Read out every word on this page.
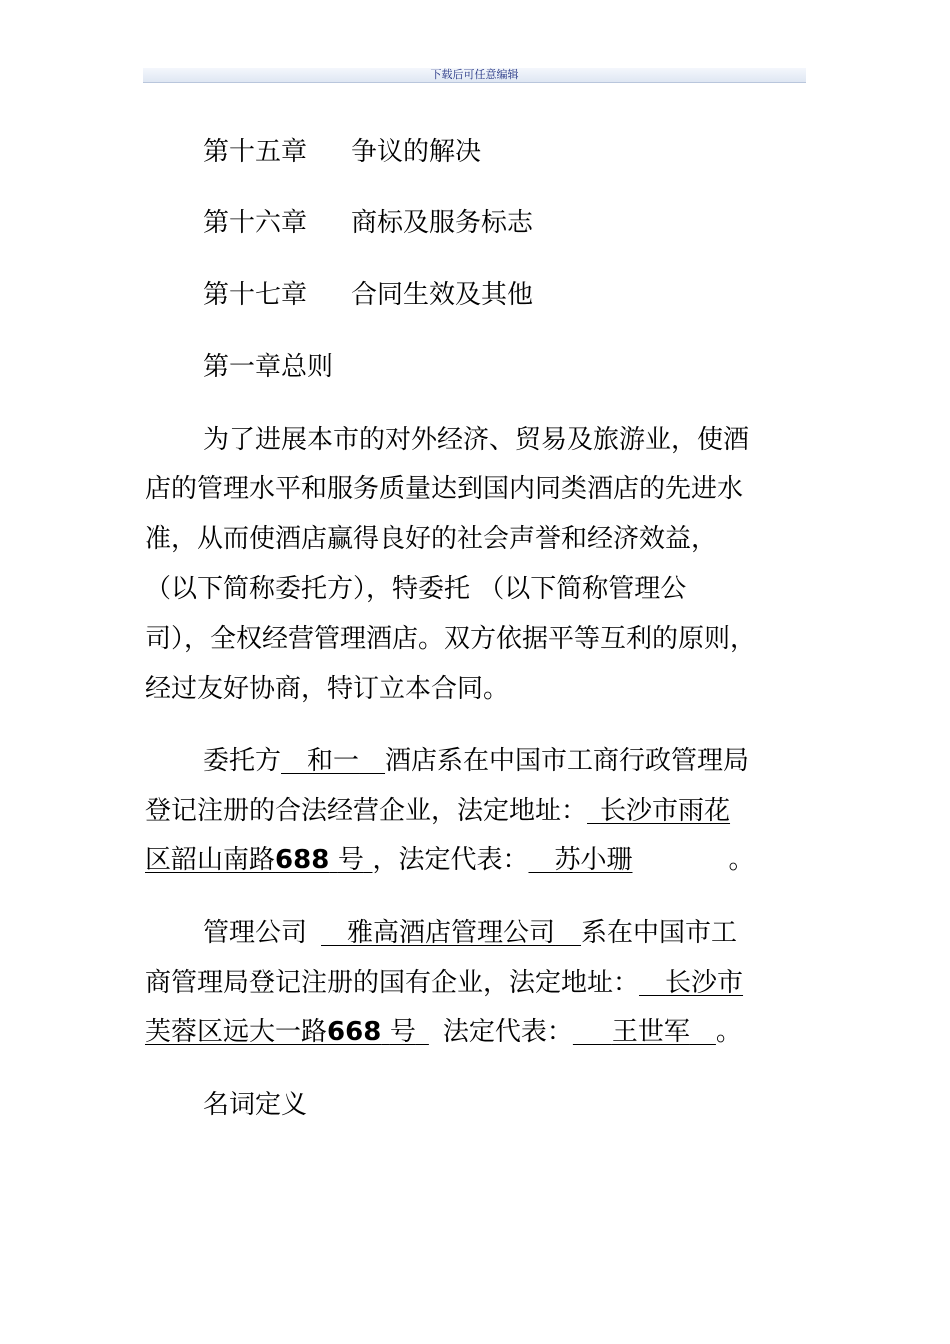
下载后可任意编辑
第十五章 争议的解决
第十六章 商标及服务标志
第十七章 合同生效及其他
第一章总则
为了进展本市的对外经济、贸易及旅游业，使酒
店的管理水平和服务质量达到国内同类酒店的先进水
准，从而使酒店赢得良好的社会声誉和经济效益，
（以下简称委托方），特委托 （以下简称管理公
司），全权经营管理酒店。双方依据平等互利的原则，
经过友好协商，特订立本合同。
委托方   和一   酒店系在中国市工商行政管理局
登记注册的合法经营企业，法定地址：  长沙市雨花
区韶山南路688  号  ，法定代表：   苏小珊	。
管理公司   雅高酒店管理公司   系在中国市工
商管理局登记注册的国有企业，法定地址：   长沙市
芙蓉区远大一路668  号  法定代表：    王世军   。
名词定义
